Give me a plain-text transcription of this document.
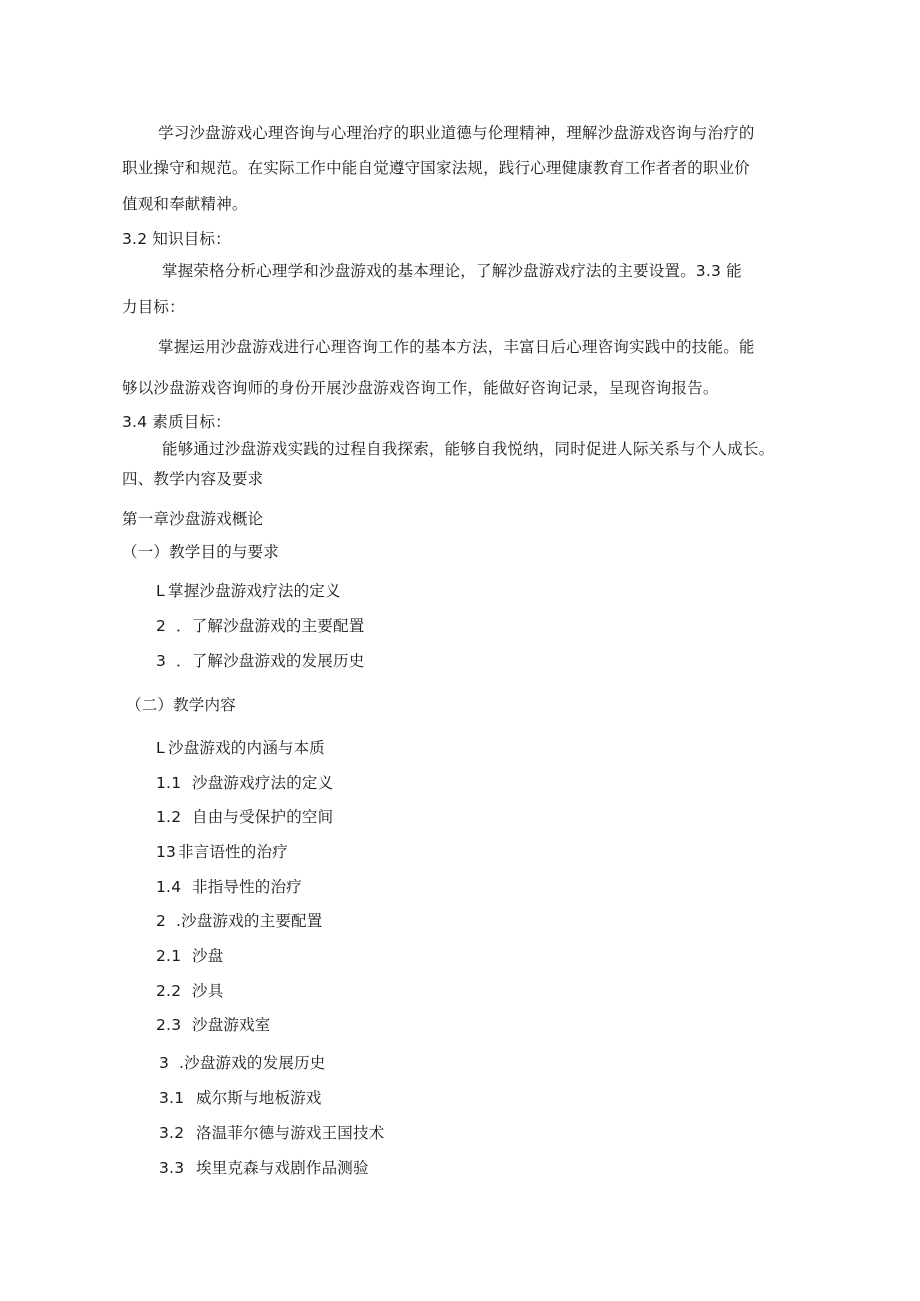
学习沙盘游戏心理咨询与心理治疗的职业道德与伦理精神，理解沙盘游戏咨询与治疗的

职业操守和规范。在实际工作中能自觉遵守国家法规，践行心理健康教育工作者者的职业价

值观和奉献精神。

3.2 知识目标：

掌握荣格分析心理学和沙盘游戏的基本理论，了解沙盘游戏疗法的主要设置。3.3 能

力目标：

掌握运用沙盘游戏进行心理咨询工作的基本方法，丰富日后心理咨询实践中的技能。能

够以沙盘游戏咨询师的身份开展沙盘游戏咨询工作，能做好咨询记录，呈现咨询报告。

3.4 素质目标：

能够通过沙盘游戏实践的过程自我探索，能够自我悦纳，同时促进人际关系与个人成长。

四、教学内容及要求

第一章沙盘游戏概论

（一）教学目的与要求

L 掌握沙盘游戏疗法的定义

2 ．了解沙盘游戏的主要配置

3 ．了解沙盘游戏的发展历史

（二）教学内容

L 沙盘游戏的内涵与本质

1.1 沙盘游戏疗法的定义

1.2 自由与受保护的空间

13 非言语性的治疗

1.4 非指导性的治疗

2 .沙盘游戏的主要配置

2.1 沙盘

2.2 沙具

2.3 沙盘游戏室

3 .沙盘游戏的发展历史

3.1 威尔斯与地板游戏

3.2 洛温菲尔德与游戏王国技术

3.3 埃里克森与戏剧作品测验
